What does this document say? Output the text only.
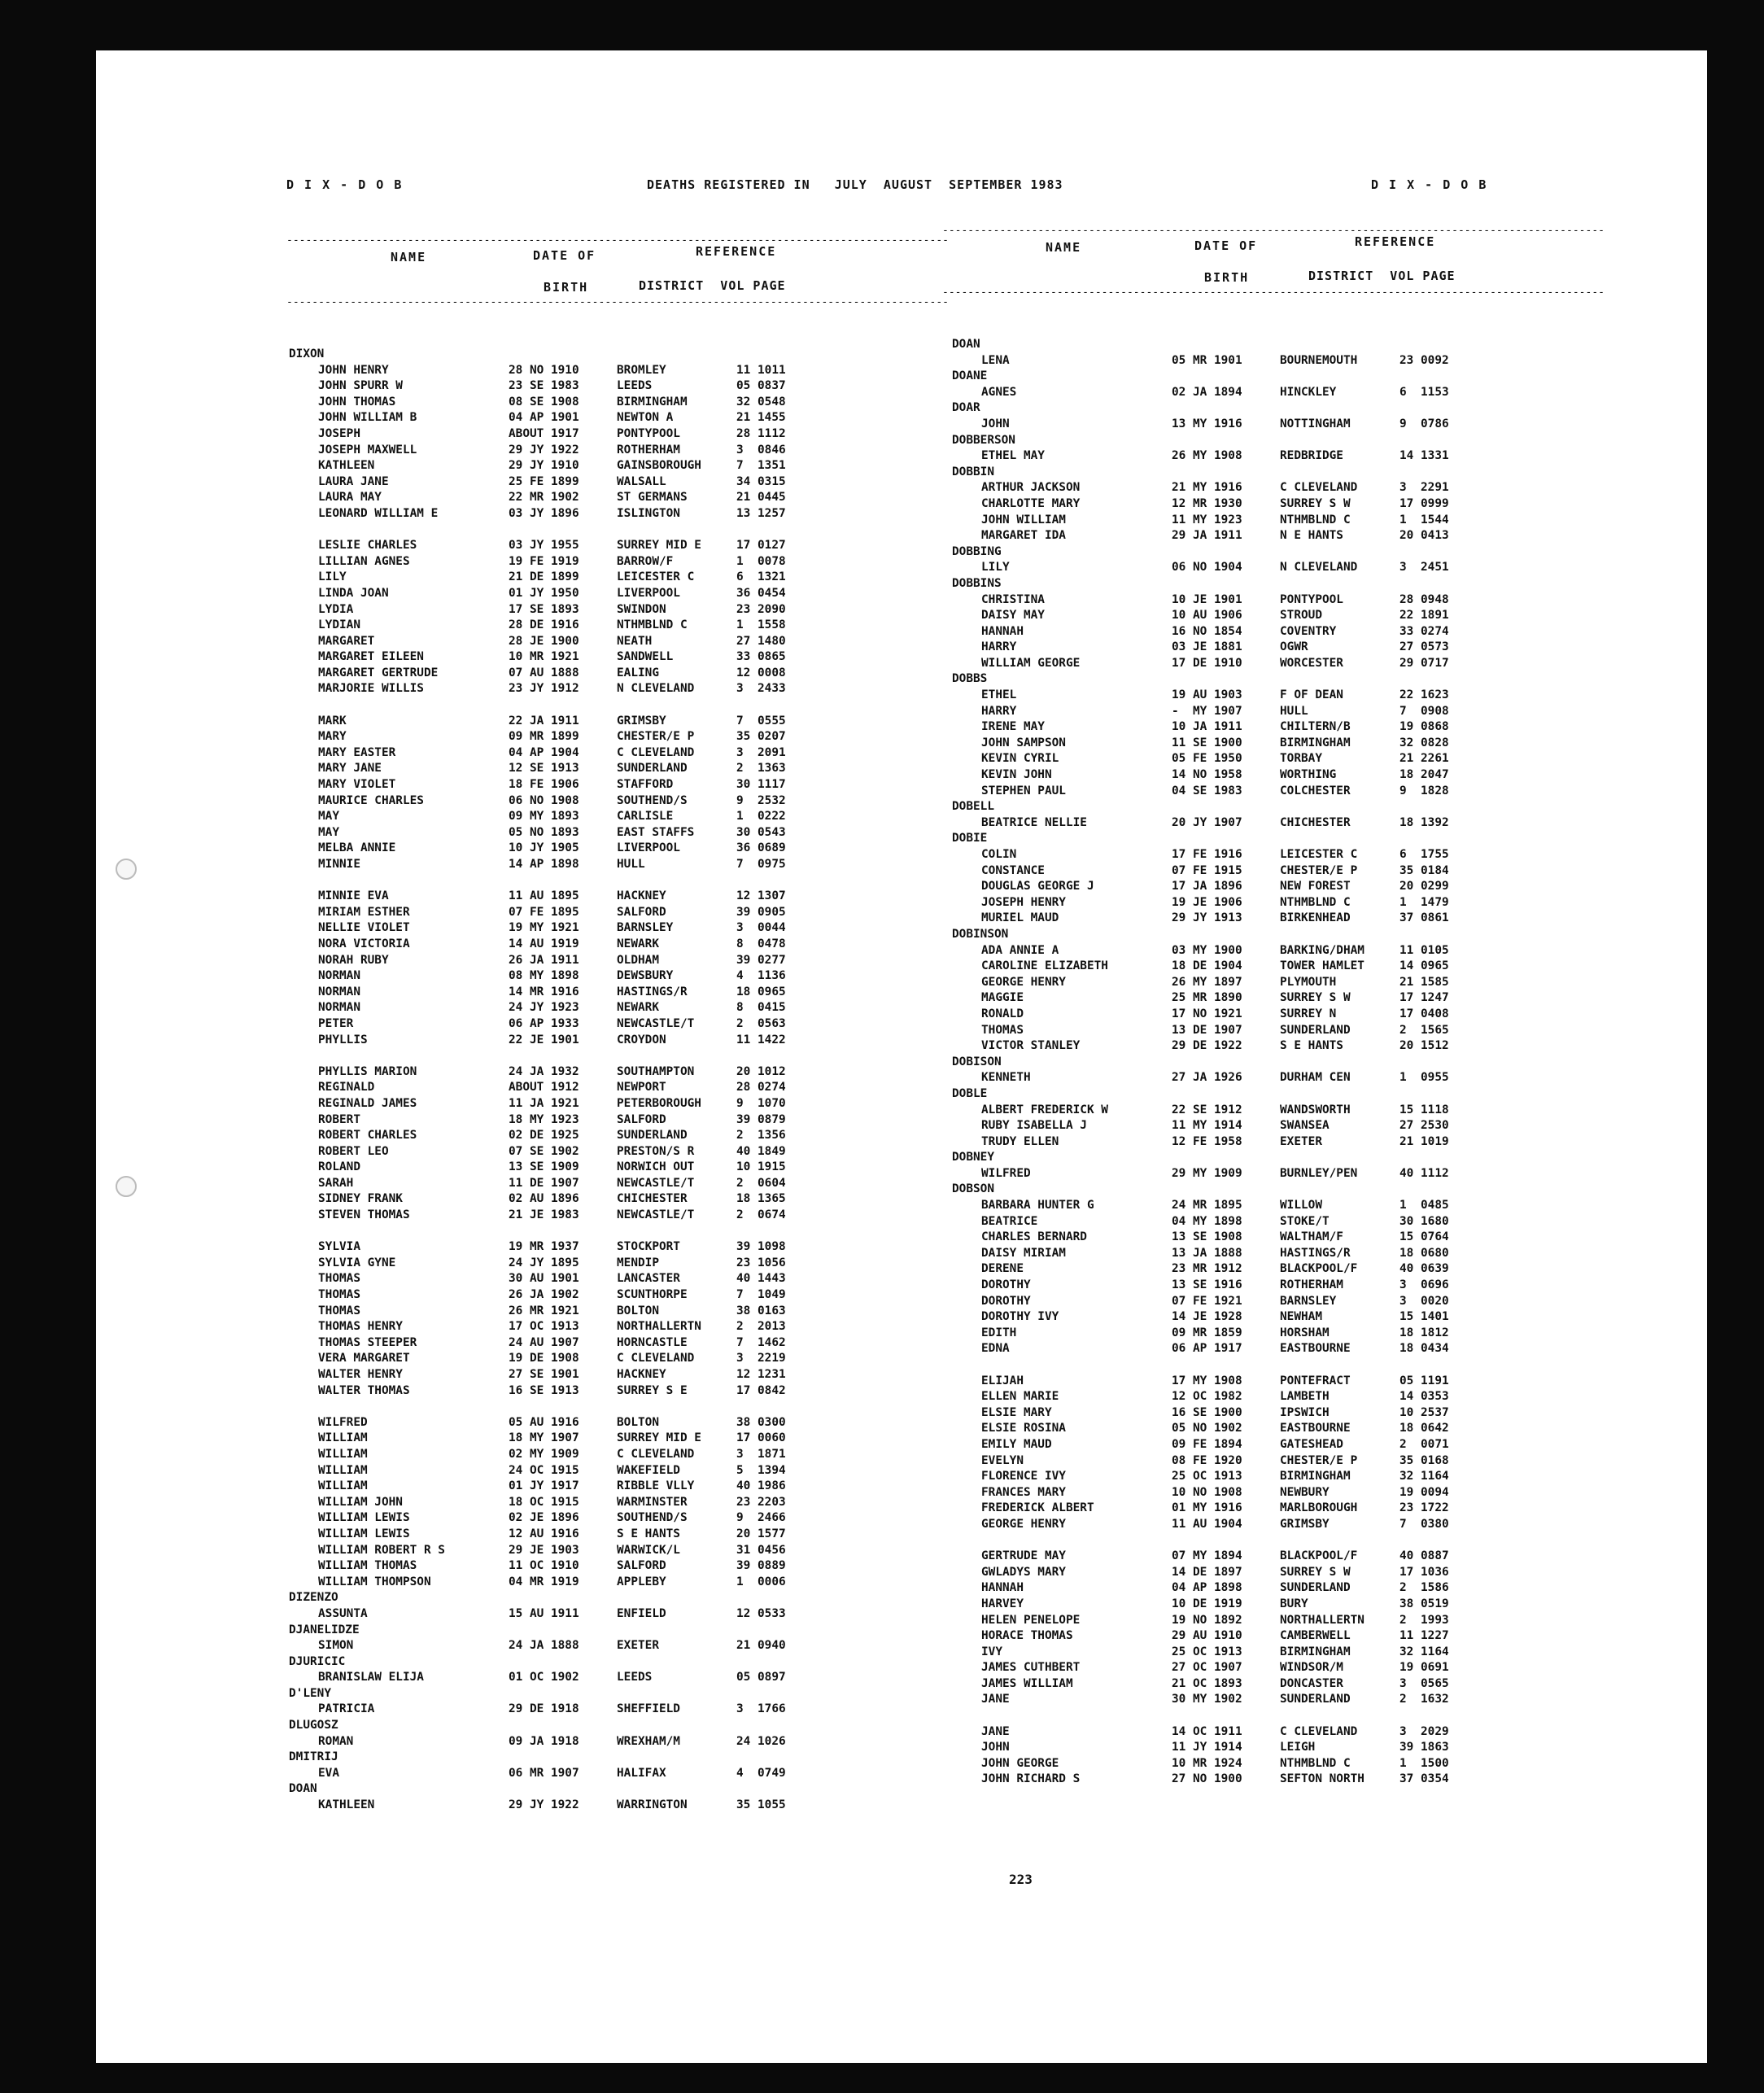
D I X - D O B	DEATHS REGISTERED IN   JULY  AUGUST  SEPTEMBER 1983	D I X - D O B
--------------------------------------------------------------------------------------------------------
NAME	DATE OF
BIRTH
REFERENCE
DISTRICT  VOL PAGE
--------------------------------------------------------------------------------------------------------
--------------------------------------------------------------------------------------------------------
NAME	DATE OF
BIRTH
REFERENCE
DISTRICT  VOL PAGE
--------------------------------------------------------------------------------------------------------
DIXON
JOHN HENRY	28 NO 1910	BROMLEY	11 1011
JOHN SPURR W	23 SE 1983	LEEDS	05 0837
JOHN THOMAS	08 SE 1908	BIRMINGHAM	32 0548
JOHN WILLIAM B	04 AP 1901	NEWTON A	21 1455
JOSEPH	ABOUT 1917	PONTYPOOL	28 1112
JOSEPH MAXWELL	29 JY 1922	ROTHERHAM	3  0846
KATHLEEN	29 JY 1910	GAINSBOROUGH	7  1351
LAURA JANE	25 FE 1899	WALSALL	34 0315
LAURA MAY	22 MR 1902	ST GERMANS	21 0445
LEONARD WILLIAM E	03 JY 1896	ISLINGTON	13 1257
LESLIE CHARLES	03 JY 1955	SURREY MID E	17 0127
LILLIAN AGNES	19 FE 1919	BARROW/F	1  0078
LILY	21 DE 1899	LEICESTER C	6  1321
LINDA JOAN	01 JY 1950	LIVERPOOL	36 0454
LYDIA	17 SE 1893	SWINDON	23 2090
LYDIAN	28 DE 1916	NTHMBLND C	1  1558
MARGARET	28 JE 1900	NEATH	27 1480
MARGARET EILEEN	10 MR 1921	SANDWELL	33 0865
MARGARET GERTRUDE	07 AU 1888	EALING	12 0008
MARJORIE WILLIS	23 JY 1912	N CLEVELAND	3  2433
MARK	22 JA 1911	GRIMSBY	7  0555
MARY	09 MR 1899	CHESTER/E P	35 0207
MARY EASTER	04 AP 1904	C CLEVELAND	3  2091
MARY JANE	12 SE 1913	SUNDERLAND	2  1363
MARY VIOLET	18 FE 1906	STAFFORD	30 1117
MAURICE CHARLES	06 NO 1908	SOUTHEND/S	9  2532
MAY	09 MY 1893	CARLISLE	1  0222
MAY	05 NO 1893	EAST STAFFS	30 0543
MELBA ANNIE	10 JY 1905	LIVERPOOL	36 0689
MINNIE	14 AP 1898	HULL	7  0975
MINNIE EVA	11 AU 1895	HACKNEY	12 1307
MIRIAM ESTHER	07 FE 1895	SALFORD	39 0905
NELLIE VIOLET	19 MY 1921	BARNSLEY	3  0044
NORA VICTORIA	14 AU 1919	NEWARK	8  0478
NORAH RUBY	26 JA 1911	OLDHAM	39 0277
NORMAN	08 MY 1898	DEWSBURY	4  1136
NORMAN	14 MR 1916	HASTINGS/R	18 0965
NORMAN	24 JY 1923	NEWARK	8  0415
PETER	06 AP 1933	NEWCASTLE/T	2  0563
PHYLLIS	22 JE 1901	CROYDON	11 1422
PHYLLIS MARION	24 JA 1932	SOUTHAMPTON	20 1012
REGINALD	ABOUT 1912	NEWPORT	28 0274
REGINALD JAMES	11 JA 1921	PETERBOROUGH	9  1070
ROBERT	18 MY 1923	SALFORD	39 0879
ROBERT CHARLES	02 DE 1925	SUNDERLAND	2  1356
ROBERT LEO	07 SE 1902	PRESTON/S R	40 1849
ROLAND	13 SE 1909	NORWICH OUT	10 1915
SARAH	11 DE 1907	NEWCASTLE/T	2  0604
SIDNEY FRANK	02 AU 1896	CHICHESTER	18 1365
STEVEN THOMAS	21 JE 1983	NEWCASTLE/T	2  0674
SYLVIA	19 MR 1937	STOCKPORT	39 1098
SYLVIA GYNE	24 JY 1895	MENDIP	23 1056
THOMAS	30 AU 1901	LANCASTER	40 1443
THOMAS	26 JA 1902	SCUNTHORPE	7  1049
THOMAS	26 MR 1921	BOLTON	38 0163
THOMAS HENRY	17 OC 1913	NORTHALLERTN	2  2013
THOMAS STEEPER	24 AU 1907	HORNCASTLE	7  1462
VERA MARGARET	19 DE 1908	C CLEVELAND	3  2219
WALTER HENRY	27 SE 1901	HACKNEY	12 1231
WALTER THOMAS	16 SE 1913	SURREY S E	17 0842
WILFRED	05 AU 1916	BOLTON	38 0300
WILLIAM	18 MY 1907	SURREY MID E	17 0060
WILLIAM	02 MY 1909	C CLEVELAND	3  1871
WILLIAM	24 OC 1915	WAKEFIELD	5  1394
WILLIAM	01 JY 1917	RIBBLE VLLY	40 1986
WILLIAM JOHN	18 OC 1915	WARMINSTER	23 2203
WILLIAM LEWIS	02 JE 1896	SOUTHEND/S	9  2466
WILLIAM LEWIS	12 AU 1916	S E HANTS	20 1577
WILLIAM ROBERT R S	29 JE 1903	WARWICK/L	31 0456
WILLIAM THOMAS	11 OC 1910	SALFORD	39 0889
WILLIAM THOMPSON	04 MR 1919	APPLEBY	1  0006
DIZENZO
ASSUNTA	15 AU 1911	ENFIELD	12 0533
DJANELIDZE
SIMON	24 JA 1888	EXETER	21 0940
DJURICIC
BRANISLAW ELIJA	01 OC 1902	LEEDS	05 0897
D'LENY
PATRICIA	29 DE 1918	SHEFFIELD	3  1766
DLUGOSZ
ROMAN	09 JA 1918	WREXHAM/M	24 1026
DMITRIJ
EVA	06 MR 1907	HALIFAX	4  0749
DOAN
KATHLEEN	29 JY 1922	WARRINGTON	35 1055
DOAN
LENA	05 MR 1901	BOURNEMOUTH	23 0092
DOANE
AGNES	02 JA 1894	HINCKLEY	6  1153
DOAR
JOHN	13 MY 1916	NOTTINGHAM	9  0786
DOBBERSON
ETHEL MAY	26 MY 1908	REDBRIDGE	14 1331
DOBBIN
ARTHUR JACKSON	21 MY 1916	C CLEVELAND	3  2291
CHARLOTTE MARY	12 MR 1930	SURREY S W	17 0999
JOHN WILLIAM	11 MY 1923	NTHMBLND C	1  1544
MARGARET IDA	29 JA 1911	N E HANTS	20 0413
DOBBING
LILY	06 NO 1904	N CLEVELAND	3  2451
DOBBINS
CHRISTINA	10 JE 1901	PONTYPOOL	28 0948
DAISY MAY	10 AU 1906	STROUD	22 1891
HANNAH	16 NO 1854	COVENTRY	33 0274
HARRY	03 JE 1881	OGWR	27 0573
WILLIAM GEORGE	17 DE 1910	WORCESTER	29 0717
DOBBS
ETHEL	19 AU 1903	F OF DEAN	22 1623
HARRY	-  MY 1907	HULL	7  0908
IRENE MAY	10 JA 1911	CHILTERN/B	19 0868
JOHN SAMPSON	11 SE 1900	BIRMINGHAM	32 0828
KEVIN CYRIL	05 FE 1950	TORBAY	21 2261
KEVIN JOHN	14 NO 1958	WORTHING	18 2047
STEPHEN PAUL	04 SE 1983	COLCHESTER	9  1828
DOBELL
BEATRICE NELLIE	20 JY 1907	CHICHESTER	18 1392
DOBIE
COLIN	17 FE 1916	LEICESTER C	6  1755
CONSTANCE	07 FE 1915	CHESTER/E P	35 0184
DOUGLAS GEORGE J	17 JA 1896	NEW FOREST	20 0299
JOSEPH HENRY	19 JE 1906	NTHMBLND C	1  1479
MURIEL MAUD	29 JY 1913	BIRKENHEAD	37 0861
DOBINSON
ADA ANNIE A	03 MY 1900	BARKING/DHAM	11 0105
CAROLINE ELIZABETH	18 DE 1904	TOWER HAMLET	14 0965
GEORGE HENRY	26 MY 1897	PLYMOUTH	21 1585
MAGGIE	25 MR 1890	SURREY S W	17 1247
RONALD	17 NO 1921	SURREY N	17 0408
THOMAS	13 DE 1907	SUNDERLAND	2  1565
VICTOR STANLEY	29 DE 1922	S E HANTS	20 1512
DOBISON
KENNETH	27 JA 1926	DURHAM CEN	1  0955
DOBLE
ALBERT FREDERICK W	22 SE 1912	WANDSWORTH	15 1118
RUBY ISABELLA J	11 MY 1914	SWANSEA	27 2530
TRUDY ELLEN	12 FE 1958	EXETER	21 1019
DOBNEY
WILFRED	29 MY 1909	BURNLEY/PEN	40 1112
DOBSON
BARBARA HUNTER G	24 MR 1895	WILLOW	1  0485
BEATRICE	04 MY 1898	STOKE/T	30 1680
CHARLES BERNARD	13 SE 1908	WALTHAM/F	15 0764
DAISY MIRIAM	13 JA 1888	HASTINGS/R	18 0680
DERENE	23 MR 1912	BLACKPOOL/F	40 0639
DOROTHY	13 SE 1916	ROTHERHAM	3  0696
DOROTHY	07 FE 1921	BARNSLEY	3  0020
DOROTHY IVY	14 JE 1928	NEWHAM	15 1401
EDITH	09 MR 1859	HORSHAM	18 1812
EDNA	06 AP 1917	EASTBOURNE	18 0434
ELIJAH	17 MY 1908	PONTEFRACT	05 1191
ELLEN MARIE	12 OC 1982	LAMBETH	14 0353
ELSIE MARY	16 SE 1900	IPSWICH	10 2537
ELSIE ROSINA	05 NO 1902	EASTBOURNE	18 0642
EMILY MAUD	09 FE 1894	GATESHEAD	2  0071
EVELYN	08 FE 1920	CHESTER/E P	35 0168
FLORENCE IVY	25 OC 1913	BIRMINGHAM	32 1164
FRANCES MARY	10 NO 1908	NEWBURY	19 0094
FREDERICK ALBERT	01 MY 1916	MARLBOROUGH	23 1722
GEORGE HENRY	11 AU 1904	GRIMSBY	7  0380
GERTRUDE MAY	07 MY 1894	BLACKPOOL/F	40 0887
GWLADYS MARY	14 DE 1897	SURREY S W	17 1036
HANNAH	04 AP 1898	SUNDERLAND	2  1586
HARVEY	10 DE 1919	BURY	38 0519
HELEN PENELOPE	19 NO 1892	NORTHALLERTN	2  1993
HORACE THOMAS	29 AU 1910	CAMBERWELL	11 1227
IVY	25 OC 1913	BIRMINGHAM	32 1164
JAMES CUTHBERT	27 OC 1907	WINDSOR/M	19 0691
JAMES WILLIAM	21 OC 1893	DONCASTER	3  0565
JANE	30 MY 1902	SUNDERLAND	2  1632
JANE	14 OC 1911	C CLEVELAND	3  2029
JOHN	11 JY 1914	LEIGH	39 1863
JOHN GEORGE	10 MR 1924	NTHMBLND C	1  1500
JOHN RICHARD S	27 NO 1900	SEFTON NORTH	37 0354
223
